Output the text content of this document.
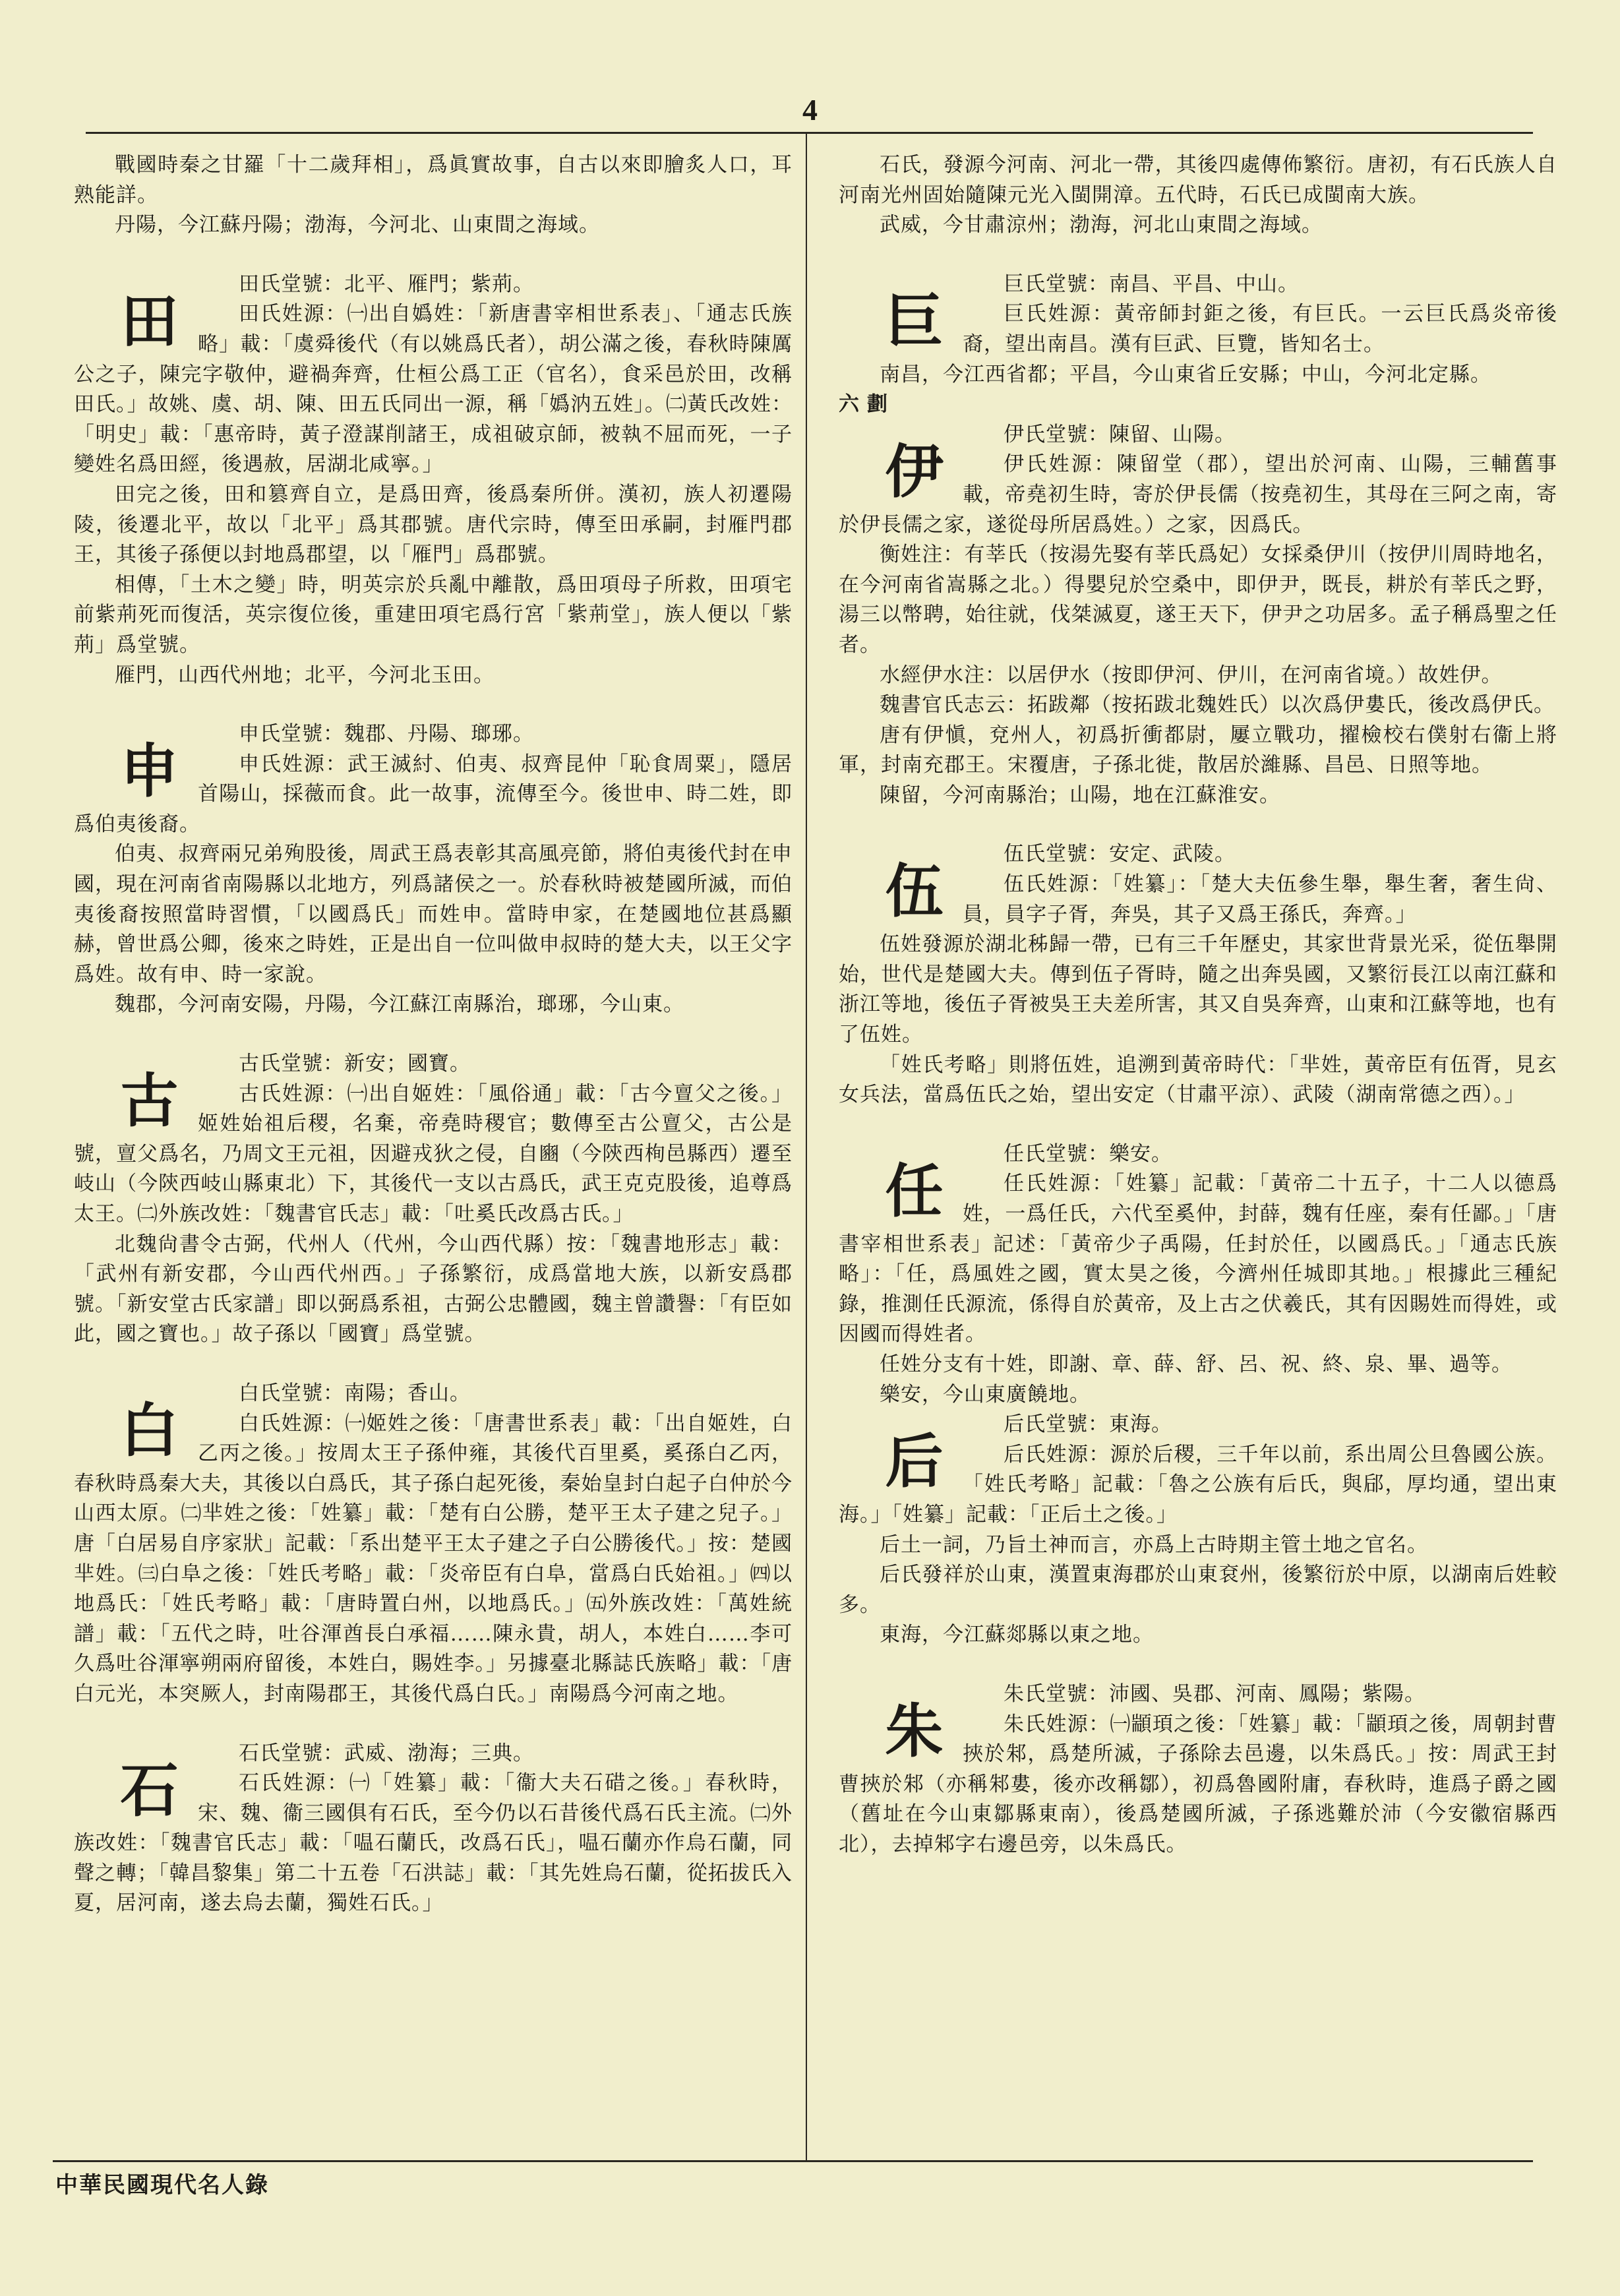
4

戰國時秦之甘羅「十二歲拜相」，爲眞實故事，自古以來即膾炙人口，耳熟能詳。

丹陽，今江蘇丹陽；渤海，今河北、山東間之海域。

田

田氏堂號：北平、雁門；紫荊。

田氏姓源：㈠出自嬀姓：「新唐書宰相世系表」、「通志氏族略」載：「虞舜後代（有以姚爲氏者），胡公滿之後，春秋時陳厲公之子，陳完字敬仲，避禍奔齊，仕桓公爲工正（官名），食采邑於田，改稱田氏。」故姚、虞、胡、陳、田五氏同出一源，稱「嬀汭五姓」。㈡黃氏改姓：「明史」載：「惠帝時，黃子澄謀削諸王，成祖破京師，被執不屈而死，一子變姓名爲田經，後遇赦，居湖北咸寧。」

田完之後，田和篡齊自立，是爲田齊，後爲秦所併。漢初，族人初遷陽陵，後遷北平，故以「北平」爲其郡號。唐代宗時，傳至田承嗣，封雁門郡王，其後子孫便以封地爲郡望，以「雁門」爲郡號。

相傳，「土木之變」時，明英宗於兵亂中離散，爲田項母子所救，田項宅前紫荊死而復活，英宗復位後，重建田項宅爲行宮「紫荊堂」，族人便以「紫荊」爲堂號。

雁門，山西代州地；北平，今河北玉田。

申

申氏堂號：魏郡、丹陽、瑯琊。

申氏姓源：武王滅紂、伯夷、叔齊昆仲「恥食周粟」，隱居首陽山，採薇而食。此一故事，流傳至今。後世申、時二姓，即爲伯夷後裔。

伯夷、叔齊兩兄弟殉股後，周武王爲表彰其高風亮節，將伯夷後代封在申國，現在河南省南陽縣以北地方，列爲諸侯之一。於春秋時被楚國所滅，而伯夷後裔按照當時習慣，「以國爲氏」而姓申。當時申家，在楚國地位甚爲顯赫，曾世爲公卿，後來之時姓，正是出自一位叫做申叔時的楚大夫，以王父字爲姓。故有申、時一家說。

魏郡，今河南安陽，丹陽，今江蘇江南縣治，瑯琊，今山東。

古

古氏堂號：新安；國寶。

古氏姓源：㈠出自姬姓：「風俗通」載：「古今亶父之後。」姬姓始祖后稷，名棄，帝堯時稷官；數傳至古公亶父，古公是號，亶父爲名，乃周文王元祖，因避戎狄之侵，自豳（今陝西栒邑縣西）遷至岐山（今陝西岐山縣東北）下，其後代一支以古爲氏，武王克克股後，追尊爲太王。㈡外族改姓：「魏書官氏志」載：「吐奚氏改爲古氏。」

北魏尙書令古弼，代州人（代州，今山西代縣）按：「魏書地形志」載：「武州有新安郡，今山西代州西。」子孫繁衍，成爲當地大族，以新安爲郡號。「新安堂古氏家譜」即以弼爲系祖，古弼公忠體國，魏主曾讚譽：「有臣如此，國之寶也。」故子孫以「國寶」爲堂號。

白

白氏堂號：南陽；香山。

白氏姓源：㈠姬姓之後：「唐書世系表」載：「出自姬姓，白乙丙之後。」按周太王子孫仲雍，其後代百里奚，奚孫白乙丙，春秋時爲秦大夫，其後以白爲氏，其子孫白起死後，秦始皇封白起子白仲於今山西太原。㈡芈姓之後：「姓纂」載：「楚有白公勝，楚平王太子建之兒子。」唐「白居易自序家狀」記載：「系出楚平王太子建之子白公勝後代。」按：楚國芈姓。㈢白阜之後：「姓氏考略」載：「炎帝臣有白阜，當爲白氏始祖。」㈣以地爲氏：「姓氏考略」載：「唐時置白州，以地爲氏。」㈤外族改姓：「萬姓統譜」載：「五代之時，吐谷渾酋長白承福……陳永貴，胡人，本姓白……李可久爲吐谷渾寧朔兩府留後，本姓白，賜姓李。」另據臺北縣誌氏族略」載：「唐白元光，本突厥人，封南陽郡王，其後代爲白氏。」南陽爲今河南之地。

石

石氏堂號：武威、渤海；三典。

石氏姓源：㈠「姓纂」載：「衞大夫石碏之後。」春秋時，宋、魏、衞三國俱有石氏，至今仍以石昔後代爲石氏主流。㈡外族改姓：「魏書官氏志」載：「嗢石蘭氏，改爲石氏」，嗢石蘭亦作烏石蘭，同聲之轉；「韓昌黎集」第二十五卷「石洪誌」載：「其先姓烏石蘭，從拓拔氏入夏，居河南，遂去烏去蘭，獨姓石氏。」

石氏，發源今河南、河北一帶，其後四處傳佈繁衍。唐初，有石氏族人自河南光州固始隨陳元光入閩開漳。五代時，石氏已成閩南大族。

武威，今甘肅涼州；渤海，河北山東間之海域。

巨

巨氏堂號：南昌、平昌、中山。

巨氏姓源：黃帝師封鉅之後，有巨氏。一云巨氏爲炎帝後裔，望出南昌。漢有巨武、巨覽，皆知名士。

南昌，今江西省都；平昌，今山東省丘安縣；中山，今河北定縣。

六劃

伊

伊氏堂號：陳留、山陽。

伊氏姓源：陳留堂（郡），望出於河南、山陽，三輔舊事載，帝堯初生時，寄於伊長儒（按堯初生，其母在三阿之南，寄於伊長儒之家，遂從母所居爲姓。）之家，因爲氏。

衡姓注：有莘氏（按湯先娶有莘氏爲妃）女採桑伊川（按伊川周時地名，在今河南省嵩縣之北。）得嬰兒於空桑中，即伊尹，既長，耕於有莘氏之野，湯三以幣聘，始往就，伐桀滅夏，遂王天下，伊尹之功居多。孟子稱爲聖之任者。

水經伊水注：以居伊水（按即伊河、伊川，在河南省境。）故姓伊。

魏書官氏志云：拓跋鄰（按拓跋北魏姓氏）以次爲伊婁氏，後改爲伊氏。

唐有伊愼，兗州人，初爲折衝都尉，屢立戰功，擢檢校右僕射右衞上將軍，封南充郡王。宋覆唐，子孫北徙，散居於濰縣、昌邑、日照等地。

陳留，今河南縣治；山陽，地在江蘇淮安。

伍

伍氏堂號：安定、武陵。

伍氏姓源：「姓纂」：「楚大夫伍參生舉，舉生奢，奢生尙、員，員字子胥，奔吳，其子又爲王孫氏，奔齊。」

伍姓發源於湖北秭歸一帶，已有三千年歷史，其家世背景光采，從伍舉開始，世代是楚國大夫。傳到伍子胥時，隨之出奔吳國，又繁衍長江以南江蘇和浙江等地，後伍子胥被吳王夫差所害，其又自吳奔齊，山東和江蘇等地，也有了伍姓。

「姓氏考略」則將伍姓，追溯到黃帝時代：「芈姓，黃帝臣有伍胥，見玄女兵法，當爲伍氏之始，望出安定（甘肅平涼）、武陵（湖南常德之西）。」

任

任氏堂號：樂安。

任氏姓源：「姓纂」記載：「黃帝二十五子，十二人以德爲姓，一爲任氏，六代至奚仲，封薛，魏有任座，秦有任鄙。」「唐書宰相世系表」記述：「黃帝少子禹陽，任封於任，以國爲氏。」「通志氏族略」：「任，爲風姓之國，實太昊之後，今濟州任城即其地。」根據此三種紀錄，推測任氏源流，係得自於黃帝，及上古之伏羲氏，其有因賜姓而得姓，或因國而得姓者。

任姓分支有十姓，即謝、章、薛、舒、呂、祝、終、泉、畢、過等。

樂安，今山東廣饒地。

后

后氏堂號：東海。

后氏姓源：源於后稷，三千年以前，系出周公旦魯國公族。「姓氏考略」記載：「魯之公族有后氏，與郈，厚均通，望出東海。」「姓纂」記載：「正后土之後。」

后土一詞，乃旨土神而言，亦爲上古時期主管土地之官名。

后氏發祥於山東，漢置東海郡於山東袞州，後繁衍於中原，以湖南后姓較多。

東海，今江蘇郯縣以東之地。

朱

朱氏堂號：沛國、吳郡、河南、鳳陽；紫陽。

朱氏姓源：㈠顓頊之後：「姓纂」載：「顓頊之後，周朝封曹挾於邾，爲楚所滅，子孫除去邑邊，以朱爲氏。」按：周武王封曹挾於邾（亦稱邾婁，後亦改稱鄒），初爲魯國附庸，春秋時，進爲子爵之國（舊址在今山東鄒縣東南），後爲楚國所滅，子孫逃難於沛（今安徽宿縣西北），去掉邾字右邊邑旁，以朱爲氏。

中華民國現代名人錄
